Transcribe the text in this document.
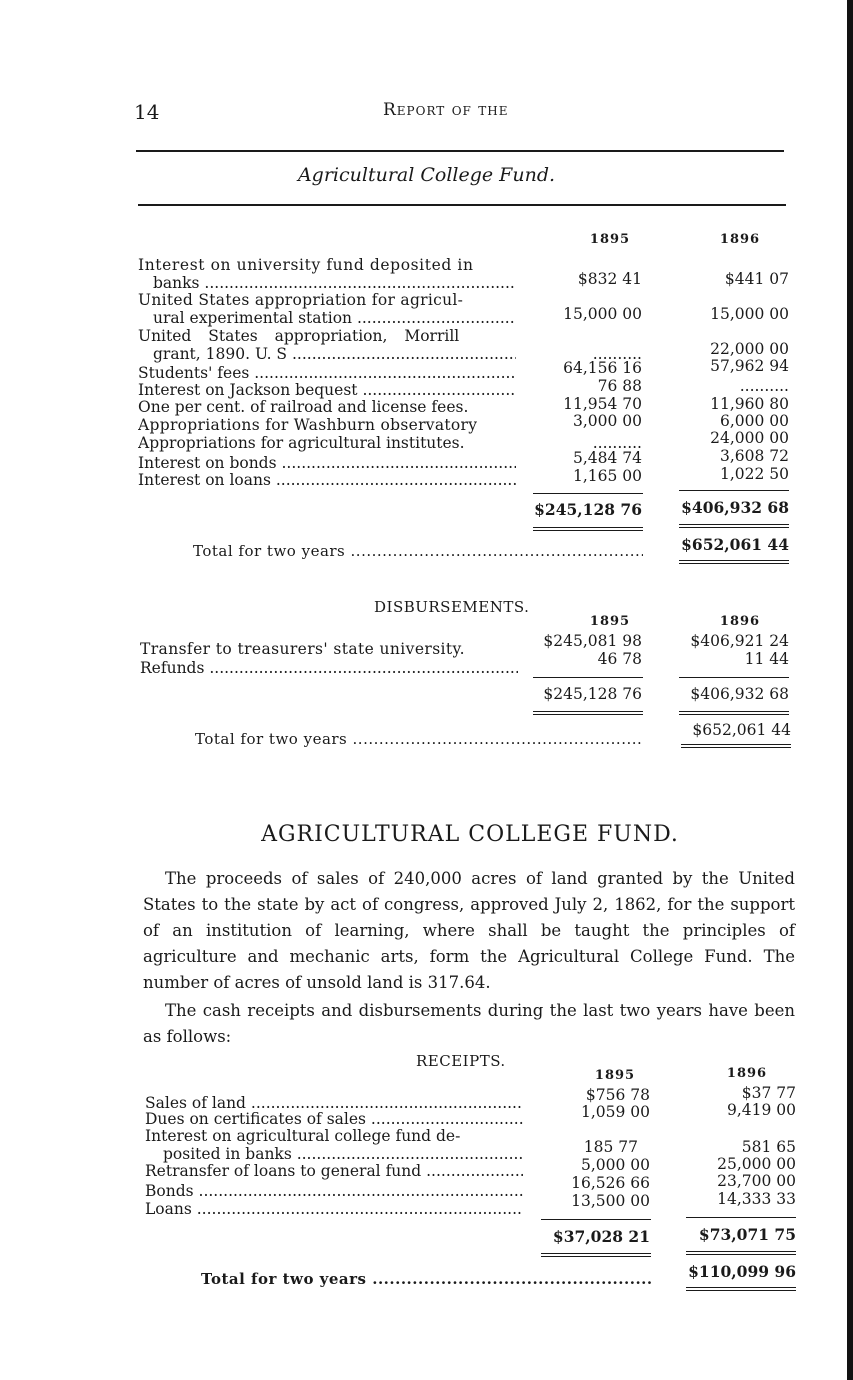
14	Report of the
Agricultural College Fund.
1895	1896
Interest on university fund deposited in
banks .....	$832 41	$441 07
United States appropriation for agricul-
ural experimental station .....	15,000 00	15,000 00
United States appropriation, Morrill
grant, 1890. U. S .....	..........	22,000 00
Students' fees .....	64,156 16	57,962 94
Interest on Jackson bequest .....	76 88	..........
One per cent. of railroad and license fees.	11,954 70	11,960 80
Appropriations for Washburn observatory	3,000 00	6,000 00
Appropriations for agricultural institutes.	..........	24,000 00
Interest on bonds .....	5,484 74	3,608 72
Interest on loans .....	1,165 00	1,022 50
$245,128 76	$406,932 68
Total for two years .....	$652,061 44
DISBURSEMENTS.
1895	1896
Transfer to treasurers' state university.	$245,081 98	$406,921 24
Refunds .....	46 78	11 44
$245,128 76	$406,932 68
Total for two years .....	$652,061 44
AGRICULTURAL COLLEGE FUND.

The proceeds of sales of 240,000 acres of land granted by the United States to the state by act of congress, approved July 2, 1862, for the support of an institution of learning, where shall be taught the principles of agriculture and mechanic arts, form the Agricultural College Fund. The number of acres of unsold land is 317.64.

The cash receipts and disbursements during the last two years have been as follows:

RECEIPTS.
1895	1896
Sales of land .....	$756 78	$37 77
Dues on certificates of sales .....	1,059 00	9,419 00
Interest on agricultural college fund de-
posited in banks .....	185 77	581 65
Retransfer of loans to general fund .....	5,000 00	25,000 00
Bonds .....	16,526 66	23,700 00
Loans .....	13,500 00	14,333 33
$37,028 21	$73,071 75
Total for two years .....	$110,099 96
